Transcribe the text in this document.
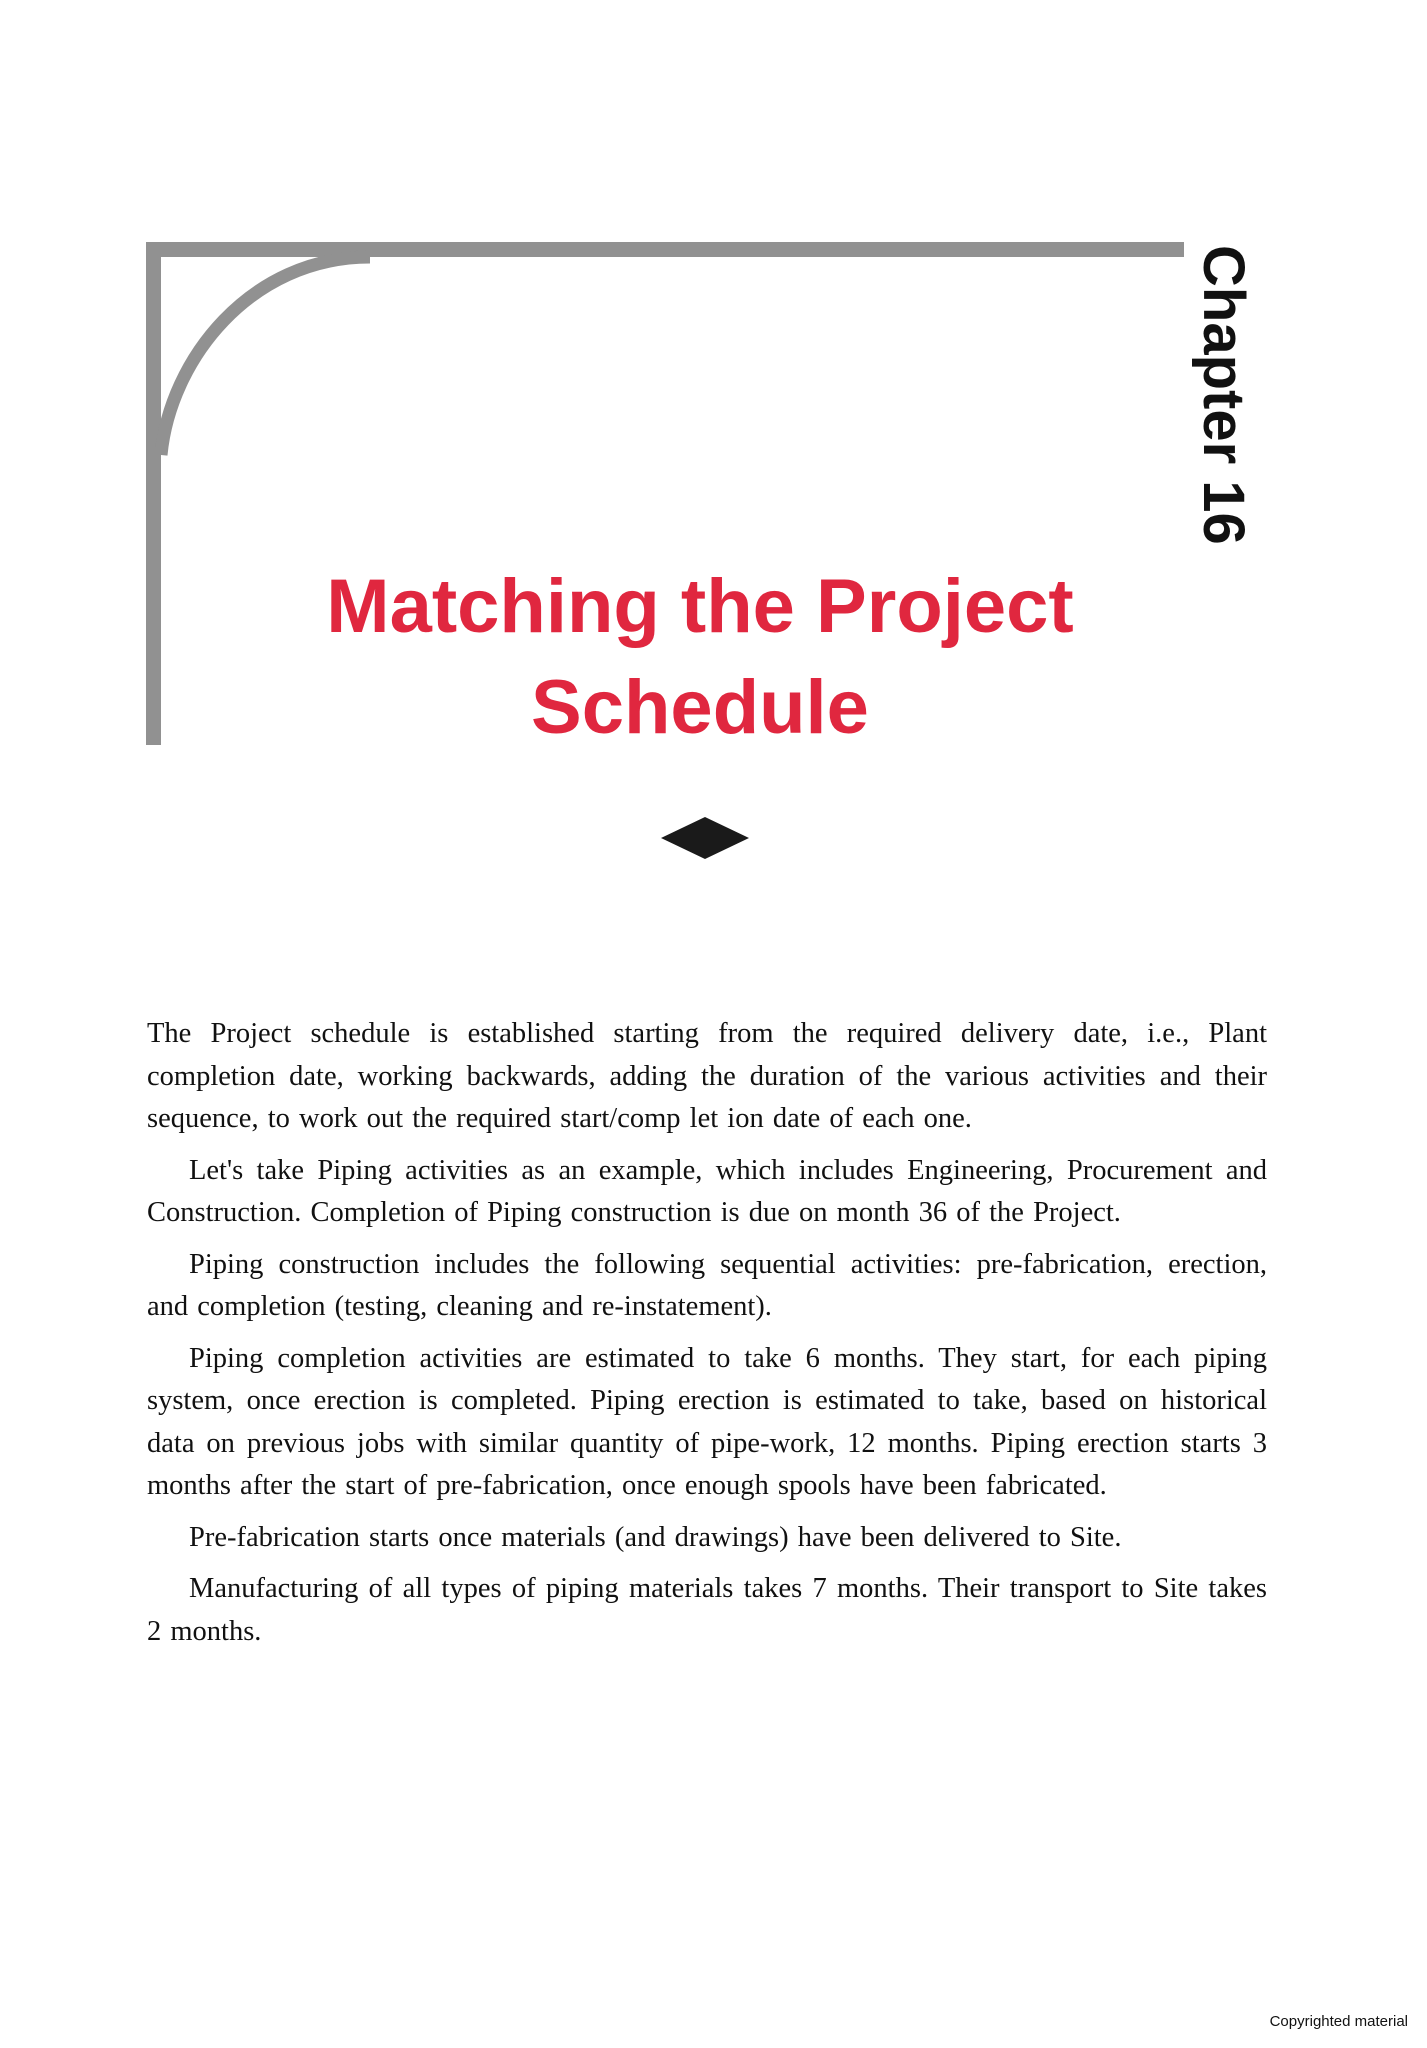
Chapter 16
Matching the Project
Schedule

The Project schedule is established starting from the required delivery date, i.e., Plant completion date, working backwards, adding the duration of the various activities and their sequence, to work out the required start/comp let ion date of each one.

Let's take Piping activities as an example, which includes Engineering, Procurement and Construction. Completion of Piping construction is due on month 36 of the Project.

Piping construction includes the following sequential activities: pre-fabrication, erection, and completion (testing, cleaning and re-instatement).

Piping completion activities are estimated to take 6 months. They start, for each piping system, once erection is completed. Piping erection is estimated to take, based on historical data on previous jobs with similar quantity of pipe-work, 12 months. Piping erection starts 3 months after the start of pre-fabrication, once enough spools have been fabricated.

Pre-fabrication starts once materials (and drawings) have been delivered to Site.

Manufacturing of all types of piping materials takes 7 months. Their transport to Site takes 2 months.

Copyrighted material
